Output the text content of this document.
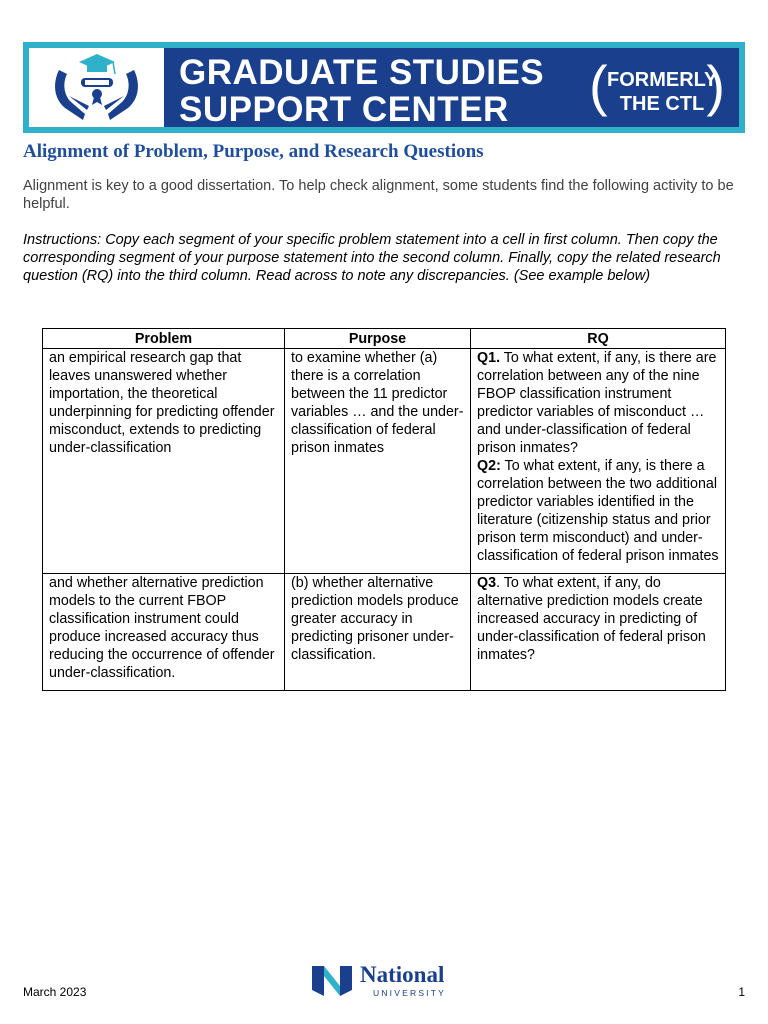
GRADUATE STUDIES
SUPPORT CENTER	( FORMERLY
THE CTL )
Alignment of Problem, Purpose, and Research Questions

Alignment is key to a good dissertation. To help check alignment, some students find the following activity to be helpful.

Instructions: Copy each segment of your specific problem statement into a cell in first column. Then copy the corresponding segment of your purpose statement into the second column. Finally, copy the related research question (RQ) into the third column. Read across to note any discrepancies. (See example below)

Problem	Purpose	RQ
an empirical research gap that leaves unanswered whether importation, the theoretical underpinning for predicting offender misconduct, extends to predicting under-classification	to examine whether (a) there is a correlation between the 11 predictor variables … and the under-classification of federal prison inmates	Q1. To what extent, if any, is there are correlation between any of the nine FBOP classification instrument predictor variables of misconduct … and under-classification of federal prison inmates?
Q2: To what extent, if any, is there a correlation between the two additional predictor variables identified in the literature (citizenship status and prior prison term misconduct) and under-classification of federal prison inmates

and whether alternative prediction models to the current FBOP classification instrument could produce increased accuracy thus reducing the occurrence of offender under-classification.	(b) whether alternative prediction models produce greater accuracy in predicting prisoner under-classification.	Q3. To what extent, if any, do alternative prediction models create increased accuracy in predicting of under-classification of federal prison inmates?
March 2023
National
UNIVERSITY	1
